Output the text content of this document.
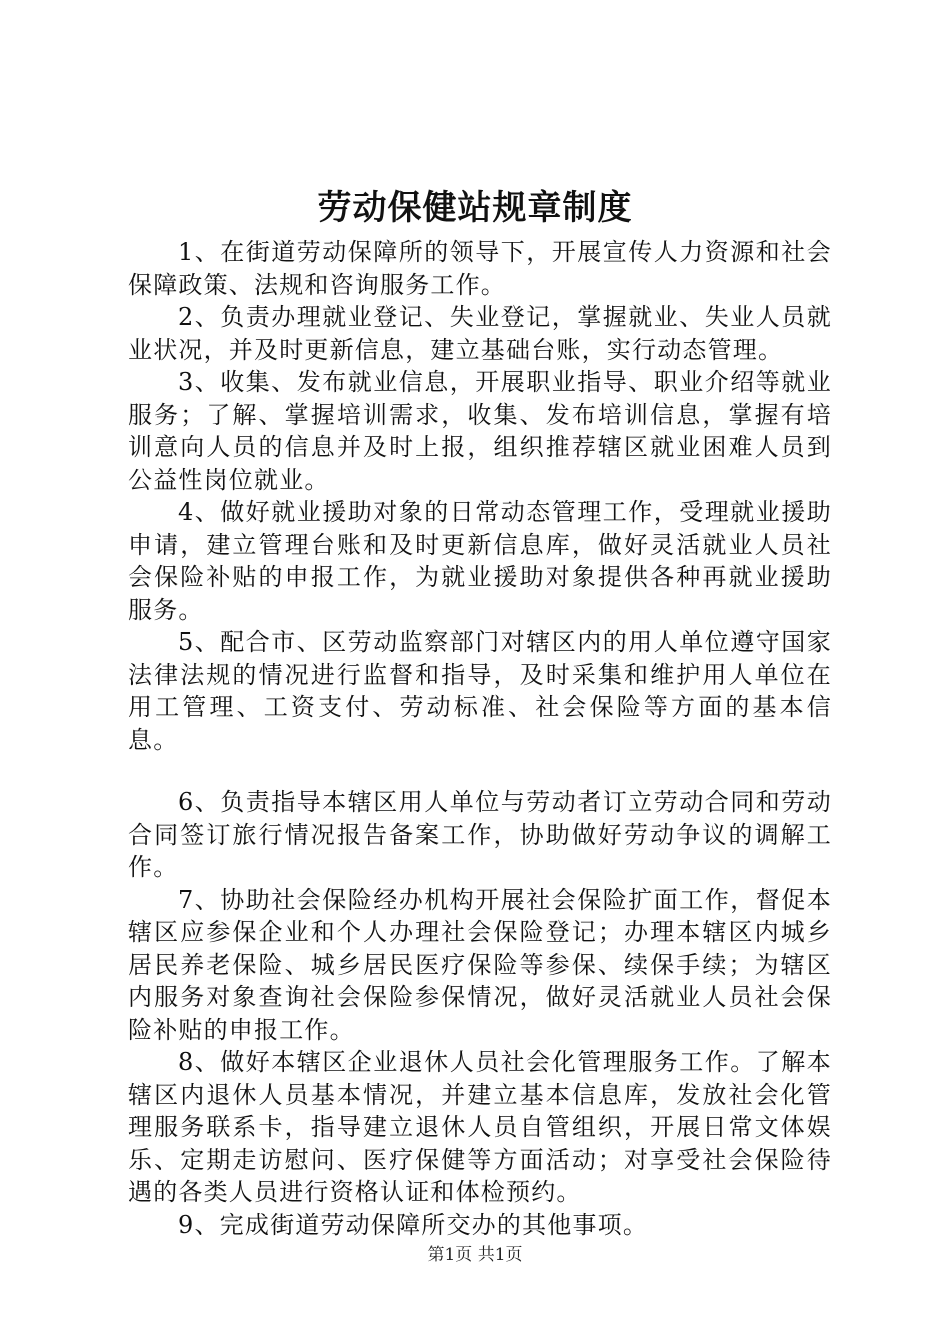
劳动保健站规章制度

1、在街道劳动保障所的领导下，开展宣传人力资源和社会保障政策、法规和咨询服务工作。

2、负责办理就业登记、失业登记，掌握就业、失业人员就业状况，并及时更新信息，建立基础台账，实行动态管理。

3、收集、发布就业信息，开展职业指导、职业介绍等就业服务；了解、掌握培训需求，收集、发布培训信息，掌握有培训意向人员的信息并及时上报，组织推荐辖区就业困难人员到公益性岗位就业。

4、做好就业援助对象的日常动态管理工作，受理就业援助申请，建立管理台账和及时更新信息库，做好灵活就业人员社会保险补贴的申报工作，为就业援助对象提供各种再就业援助服务。

5、配合市、区劳动监察部门对辖区内的用人单位遵守国家法律法规的情况进行监督和指导，及时采集和维护用人单位在用工管理、工资支付、劳动标准、社会保险等方面的基本信息。

6、负责指导本辖区用人单位与劳动者订立劳动合同和劳动合同签订旅行情况报告备案工作，协助做好劳动争议的调解工作。

7、协助社会保险经办机构开展社会保险扩面工作，督促本辖区应参保企业和个人办理社会保险登记；办理本辖区内城乡居民养老保险、城乡居民医疗保险等参保、续保手续；为辖区内服务对象查询社会保险参保情况，做好灵活就业人员社会保险补贴的申报工作。

8、做好本辖区企业退休人员社会化管理服务工作。了解本辖区内退休人员基本情况，并建立基本信息库，发放社会化管理服务联系卡，指导建立退休人员自管组织，开展日常文体娱乐、定期走访慰问、医疗保健等方面活动；对享受社会保险待遇的各类人员进行资格认证和体检预约。

9、完成街道劳动保障所交办的其他事项。

第1页 共1页
